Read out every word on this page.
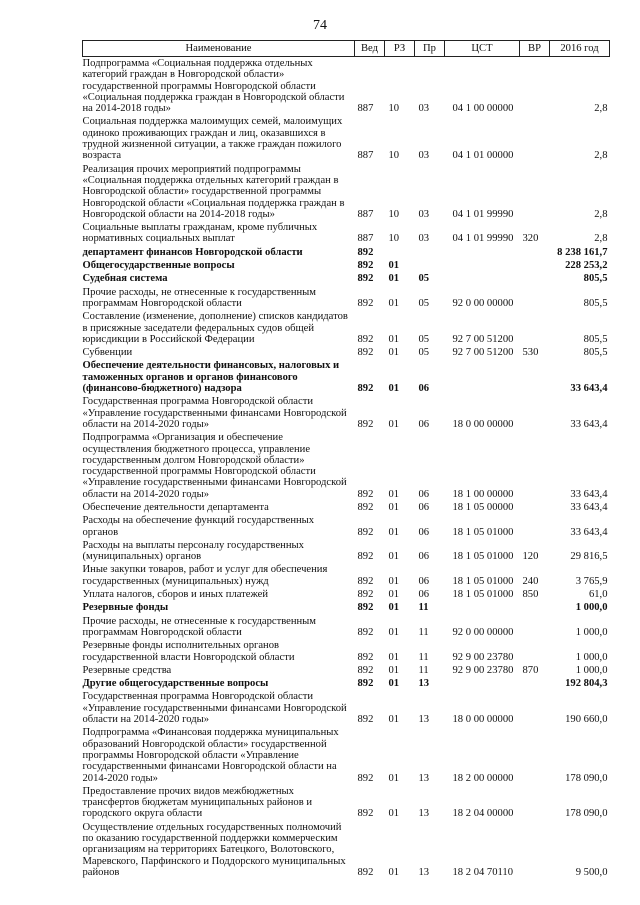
74
Наименование	Вед	РЗ	Пр	ЦСТ	ВР	2016 год
Подпрограмма «Социальная поддержка отдельных категорий граждан в Новгородской области» государственной программы Новгородской области «Социальная поддержка граждан в Новгородской области на 2014-2018 годы»	887	10	03	04 1 00 00000		2,8
Социальная поддержка малоимущих семей, малоимущих одиноко проживающих граждан и лиц, оказавшихся в трудной жизненной ситуации, а также граждан пожилого возраста	887	10	03	04 1 01 00000		2,8
Реализация прочих мероприятий подпрограммы «Социальная поддержка отдельных категорий граждан в Новгородской области» государственной программы Новгородской области «Социальная поддержка граждан в Новгородской области на 2014-2018 годы»	887	10	03	04 1 01 99990		2,8
Социальные выплаты гражданам, кроме публичных нормативных социальных выплат	887	10	03	04 1 01 99990	320	2,8
департамент финансов Новгородской области	892					8 238 161,7
Общегосударственные вопросы	892	01				228 253,2
Судебная система	892	01	05			805,5
Прочие расходы, не отнесенные к государственным программам Новгородской области	892	01	05	92 0 00 00000		805,5
Составление (изменение, дополнение) списков кандидатов в присяжные заседатели федеральных судов общей юрисдикции в Российской Федерации	892	01	05	92 7 00 51200		805,5
Субвенции	892	01	05	92 7 00 51200	530	805,5
Обеспечение деятельности финансовых, налоговых и таможенных органов и органов финансового (финансово-бюджетного) надзора	892	01	06			33 643,4
Государственная программа Новгородской области «Управление государственными финансами Новгородской области на 2014-2020 годы»	892	01	06	18 0 00 00000		33 643,4
Подпрограмма «Организация и обеспечение осуществления бюджетного процесса, управление государственным долгом Новгородской области» государственной программы Новгородской области «Управление государственными финансами Новгородской области на 2014-2020 годы»	892	01	06	18 1 00 00000		33 643,4
Обеспечение деятельности департамента	892	01	06	18 1 05 00000		33 643,4
Расходы на обеспечение функций государственных органов	892	01	06	18 1 05 01000		33 643,4
Расходы на выплаты персоналу государственных (муниципальных) органов	892	01	06	18 1 05 01000	120	29 816,5
Иные закупки товаров, работ и услуг для обеспечения государственных (муниципальных) нужд	892	01	06	18 1 05 01000	240	3 765,9
Уплата налогов, сборов и иных платежей	892	01	06	18 1 05 01000	850	61,0
Резервные фонды	892	01	11			1 000,0
Прочие расходы, не отнесенные к государственным программам Новгородской области	892	01	11	92 0 00 00000		1 000,0
Резервные фонды исполнительных органов государственной власти Новгородской области	892	01	11	92 9 00 23780		1 000,0
Резервные средства	892	01	11	92 9 00 23780	870	1 000,0
Другие общегосударственные вопросы	892	01	13			192 804,3
Государственная программа Новгородской области «Управление государственными финансами Новгородской области на 2014-2020 годы»	892	01	13	18 0 00 00000		190 660,0
Подпрограмма «Финансовая поддержка муниципальных образований Новгородской области» государственной программы Новгородской области «Управление государственными финансами Новгородской области на 2014-2020 годы»	892	01	13	18 2 00 00000		178 090,0
Предоставление прочих видов межбюджетных трансфертов бюджетам муниципальных районов и городского округа области	892	01	13	18 2 04 00000		178 090,0
Осуществление отдельных государственных полномочий по оказанию государственной поддержки коммерческим организациям на территориях Батецкого, Волотовского, Маревского, Парфинского и Поддорского муниципальных районов	892	01	13	18 2 04 70110		9 500,0
